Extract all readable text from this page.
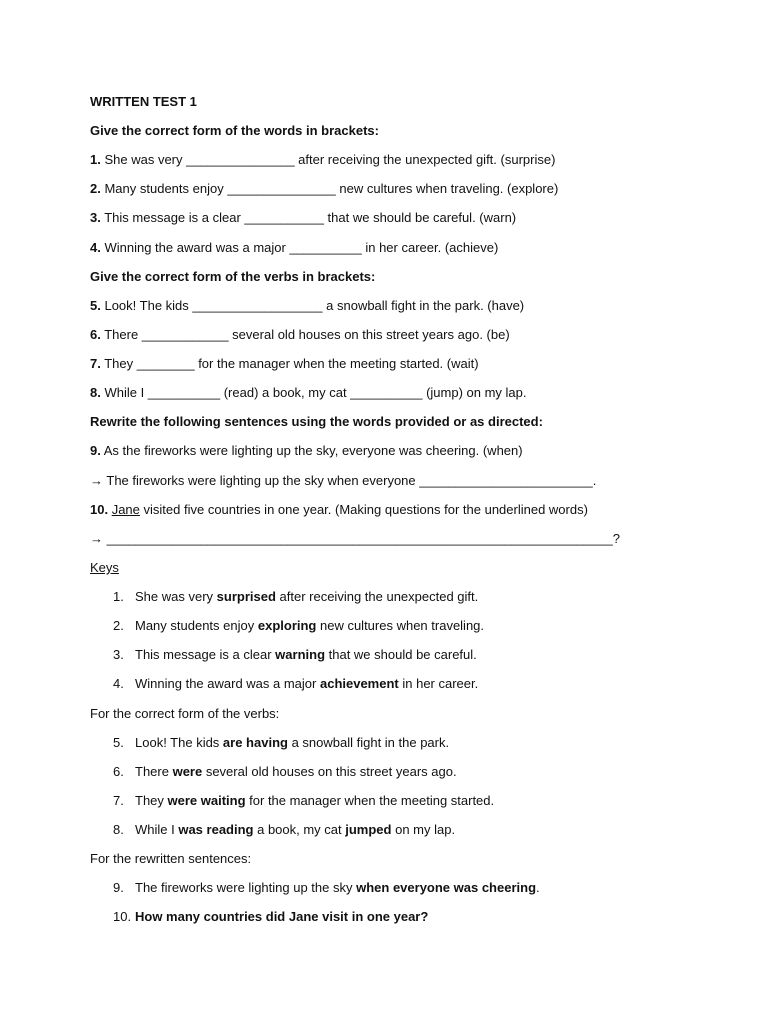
WRITTEN TEST 1
Give the correct form of the words in brackets:
1. She was very _______________ after receiving the unexpected gift. (surprise)
2. Many students enjoy _______________ new cultures when traveling. (explore)
3. This message is a clear ___________ that we should be careful. (warn)
4. Winning the award was a major __________ in her career. (achieve)
Give the correct form of the verbs in brackets:
5. Look! The kids __________________ a snowball fight in the park. (have)
6. There ____________ several old houses on this street years ago. (be)
7. They ________ for the manager when the meeting started. (wait)
8. While I __________ (read) a book, my cat __________ (jump) on my lap.
Rewrite the following sentences using the words provided or as directed:
9. As the fireworks were lighting up the sky, everyone was cheering. (when)
→ The fireworks were lighting up the sky when everyone ________________________.
10. Jane visited five countries in one year. (Making questions for the underlined words)
→ ______________________________________________________________________?
Keys
1. She was very surprised after receiving the unexpected gift.
2. Many students enjoy exploring new cultures when traveling.
3. This message is a clear warning that we should be careful.
4. Winning the award was a major achievement in her career.
For the correct form of the verbs:
5. Look! The kids are having a snowball fight in the park.
6. There were several old houses on this street years ago.
7. They were waiting for the manager when the meeting started.
8. While I was reading a book, my cat jumped on my lap.
For the rewritten sentences:
9. The fireworks were lighting up the sky when everyone was cheering.
10. How many countries did Jane visit in one year?
